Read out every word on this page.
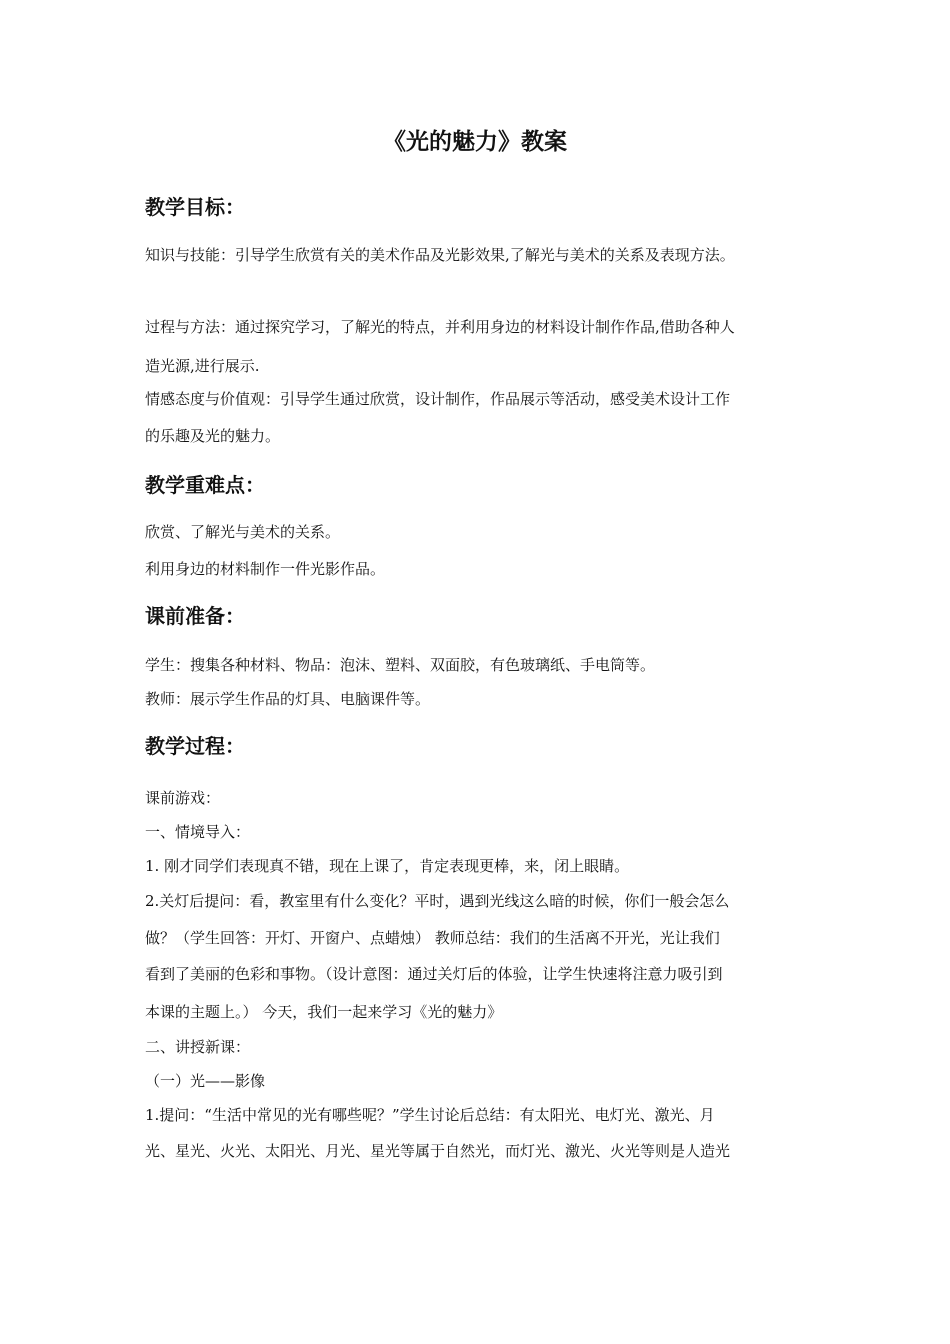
《光的魅力》教案
教学目标：
知识与技能：引导学生欣赏有关的美术作品及光影效果,了解光与美术的关系及表现方法。
过程与方法：通过探究学习，了解光的特点，并利用身边的材料设计制作作品,借助各种人
造光源,进行展示.
情感态度与价值观：引导学生通过欣赏，设计制作，作品展示等活动，感受美术设计工作
的乐趣及光的魅力。
教学重难点：
欣赏、了解光与美术的关系。
利用身边的材料制作一件光影作品。
课前准备：
学生：搜集各种材料、物品：泡沫、塑料、双面胶，有色玻璃纸、手电筒等。
教师：展示学生作品的灯具、电脑课件等。
教学过程：
课前游戏：
一、情境导入：
1. 刚才同学们表现真不错，现在上课了，肯定表现更棒，来，闭上眼睛。
2.关灯后提问：看，教室里有什么变化？平时，遇到光线这么暗的时候，你们一般会怎么
做？（学生回答：开灯、开窗户、点蜡烛） 教师总结：我们的生活离不开光，光让我们
看到了美丽的色彩和事物。（设计意图：通过关灯后的体验，让学生快速将注意力吸引到
本课的主题上。） 今天，我们一起来学习《光的魅力》
二、讲授新课：
（一）光——影像
1.提问：“生活中常见的光有哪些呢？”学生讨论后总结：有太阳光、电灯光、激光、月
光、星光、火光、太阳光、月光、星光等属于自然光，而灯光、激光、火光等则是人造光
